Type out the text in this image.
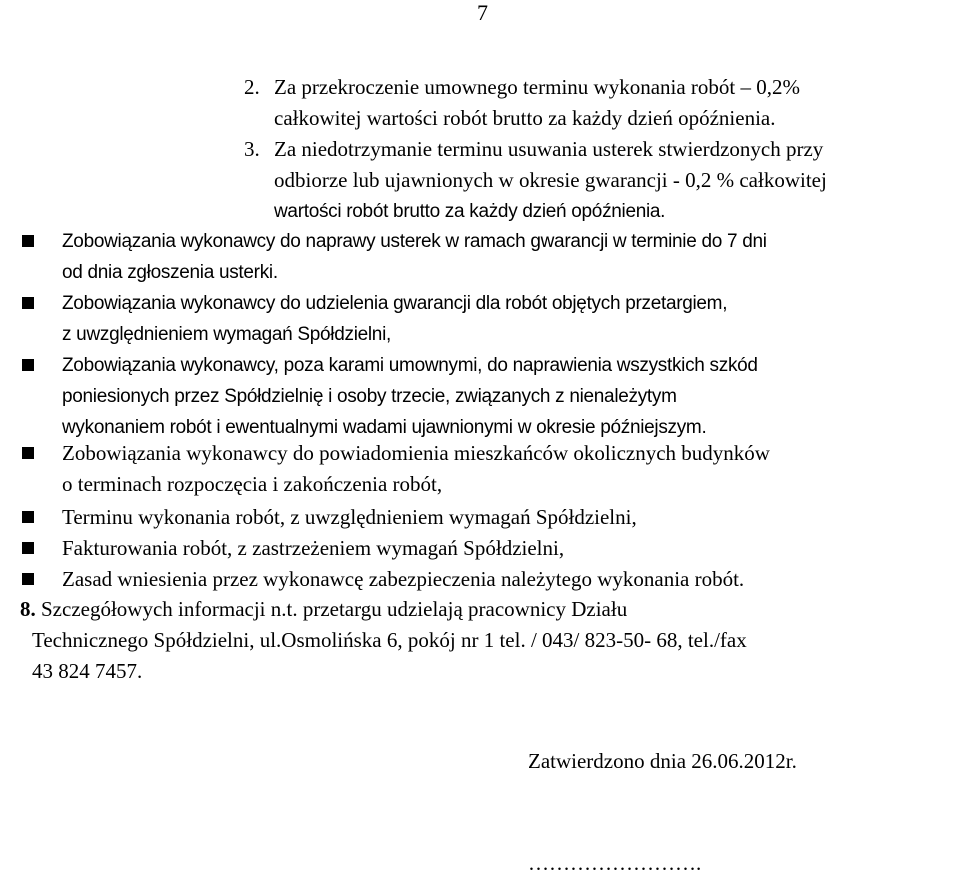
7
2. Za przekroczenie umownego terminu wykonania robót – 0,2%
całkowitej wartości robót brutto za każdy dzień opóźnienia.
3. Za niedotrzymanie terminu usuwania usterek stwierdzonych przy
odbiorze lub ujawnionych w okresie gwarancji - 0,2 % całkowitej
wartości robót brutto za każdy dzień opóźnienia.
Zobowiązania wykonawcy do naprawy usterek w ramach gwarancji w terminie do 7 dni
od dnia zgłoszenia usterki.
Zobowiązania wykonawcy do udzielenia gwarancji dla robót objętych przetargiem,
z uwzględnieniem wymagań Spółdzielni,
Zobowiązania wykonawcy, poza karami umownymi, do naprawienia wszystkich szkód
poniesionych przez Spółdzielnię i osoby trzecie, związanych z nienależytym
wykonaniem robót i ewentualnymi wadami ujawnionymi w okresie późniejszym.
Zobowiązania wykonawcy do powiadomienia mieszkańców okolicznych budynków
o terminach rozpoczęcia i zakończenia robót,
Terminu wykonania robót, z uwzględnieniem wymagań Spółdzielni,
Fakturowania robót, z zastrzeżeniem wymagań Spółdzielni,
Zasad wniesienia przez wykonawcę zabezpieczenia należytego wykonania robót.
8. Szczegółowych informacji n.t. przetargu udzielają pracownicy Działu
Technicznego Spółdzielni, ul.Osmolińska 6, pokój nr 1 tel. / 043/ 823-50- 68, tel./fax
43 824 7457.
Zatwierdzono dnia 26.06.2012r.
…………………….
